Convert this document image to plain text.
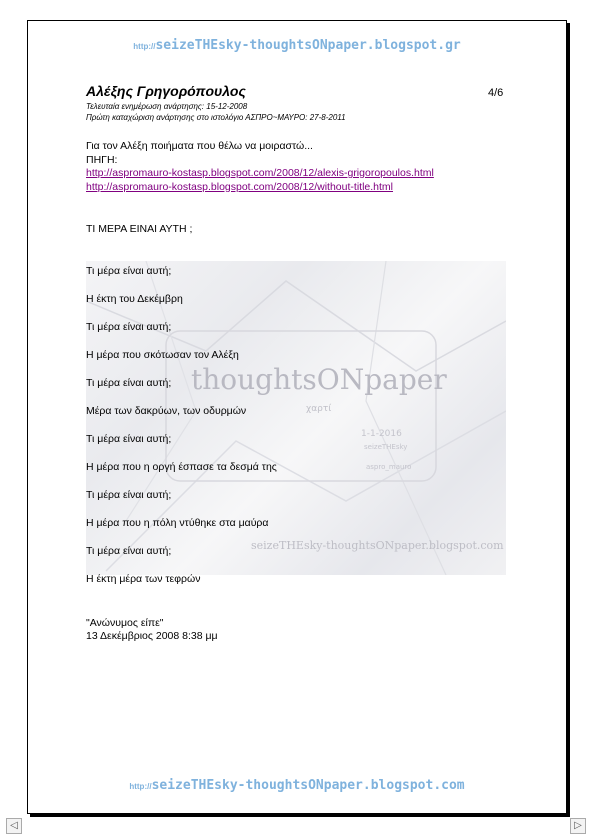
http://seizeTHEsky-thoughtsONpaper.blogspot.gr
Αλέξης Γρηγορόπουλος	4/6
Τελευταία ενημέρωση ανάρτησης: 15-12-2008
Πρώτη καταχώριση ανάρτησης στο ιστολόγιο ΑΣΠΡΟ~ΜΑΥΡΟ: 27-8-2011
Για τον Αλέξη ποιήματα που θέλω να μοιραστώ...
ΠΗΓΗ:
http://aspromauro-kostasp.blogspot.com/2008/12/alexis-grigoropoulos.html
http://aspromauro-kostasp.blogspot.com/2008/12/without-title.html
ΤΙ ΜΕΡΑ ΕΙΝΑΙ ΑΥΤΗ ;
thoughtsONpaper
χαρτί
1-1-2016
seizeTHEsky
aspro_mauro
seizeTHEsky-thoughtsONpaper.blogspot.com
Τι μέρα είναι αυτή;
Η έκτη του Δεκέμβρη
Τι μέρα είναι αυτή;
Η μέρα που σκότωσαν τον Αλέξη
Τι μέρα είναι αυτή;
Μέρα των δακρύων, των οδυρμών
Τι μέρα είναι αυτή;
Η μέρα που η οργή έσπασε τα δεσμά της
Τι μέρα είναι αυτή;
Η μέρα που η πόλη ντύθηκε στα μαύρα
Τι μέρα είναι αυτή;
Η έκτη μέρα των τεφρών
"Ανώνυμος είπε"
13 Δεκέμβριος 2008 8:38 μμ
http://seizeTHEsky-thoughtsONpaper.blogspot.com
◁	▷
